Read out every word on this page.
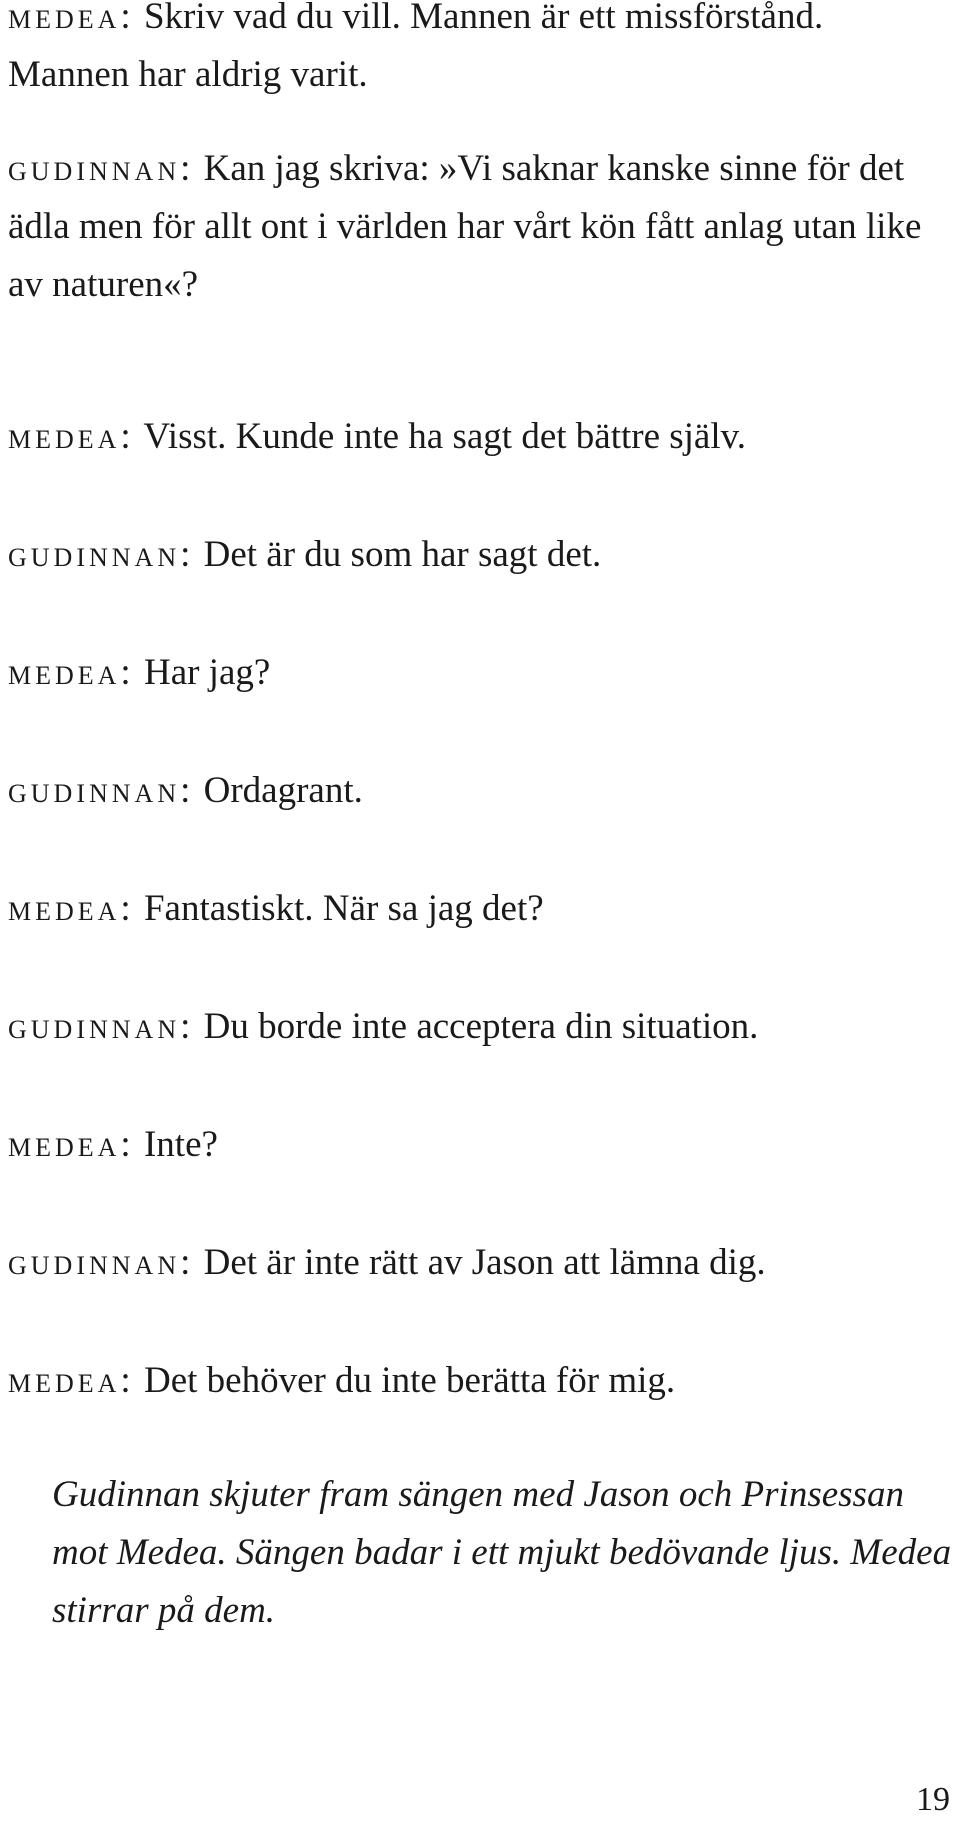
medea: Skriv vad du vill. Mannen är ett missförstånd. Mannen har aldrig varit.

gudinnan: Kan jag skriva: »Vi saknar kanske sinne för det ädla men för allt ont i världen har vårt kön fått anlag utan like av naturen«?

medea: Visst. Kunde inte ha sagt det bättre själv.

gudinnan: Det är du som har sagt det.

medea: Har jag?

gudinnan: Ordagrant.

medea: Fantastiskt. När sa jag det?

gudinnan: Du borde inte acceptera din situation.

medea: Inte?

gudinnan: Det är inte rätt av Jason att lämna dig.

medea: Det behöver du inte berätta för mig.

Gudinnan skjuter fram sängen med Jason och Prinsessan mot Medea. Sängen badar i ett mjukt bedövande ljus. Medea stirrar på dem.

19
